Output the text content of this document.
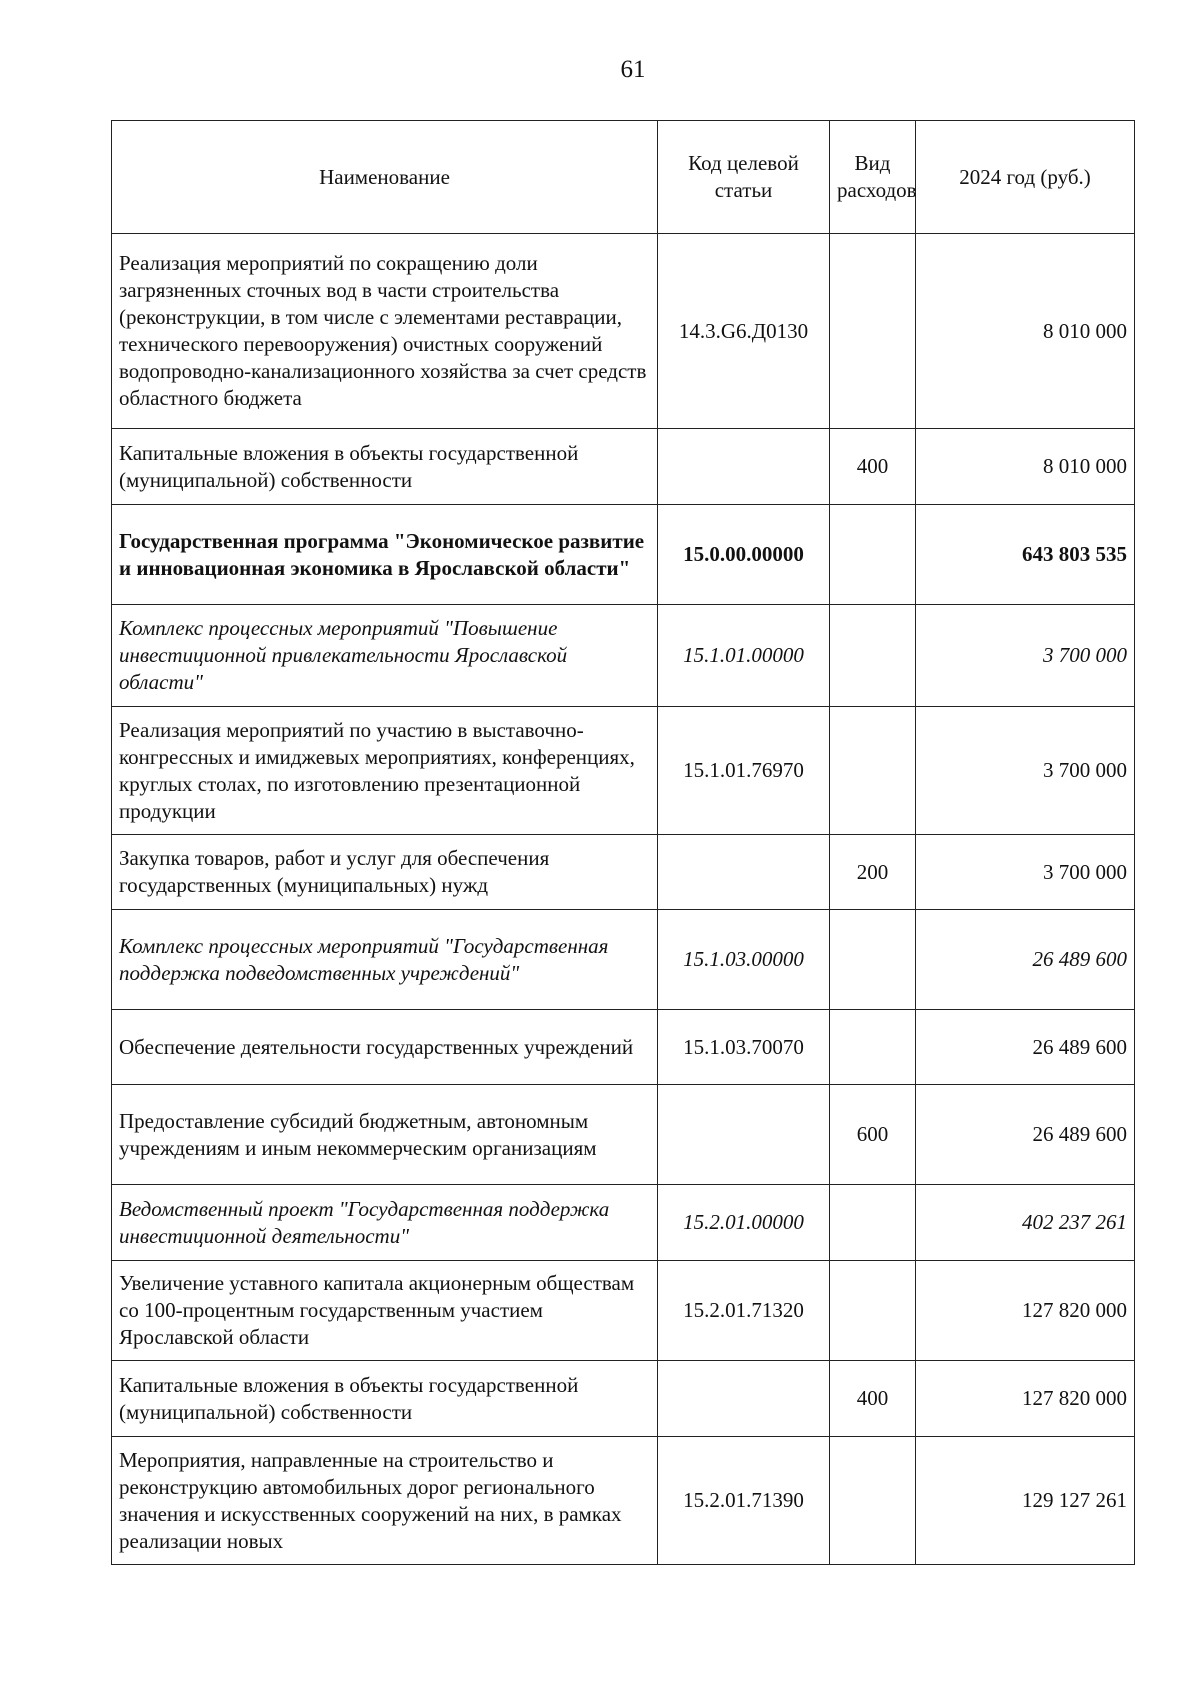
61
Наименование	Код целевой статьи	Вид расходов	2024 год (руб.)
Реализация мероприятий по сокращению доли загрязненных сточных вод в части строительства (реконструкции, в том числе с элементами реставрации, технического перевооружения) очистных сооружений водопроводно-канализационного хозяйства за счет средств областного бюджета	14.3.G6.Д0130		8 010 000
Капитальные вложения в объекты государственной (муниципальной) собственности		400	8 010 000
Государственная программа "Экономическое развитие и инновационная экономика в Ярославской области"	15.0.00.00000		643 803 535
Комплекс процессных мероприятий "Повышение инвестиционной привлекательности Ярославской области"	15.1.01.00000		3 700 000
Реализация мероприятий по участию в выставочно-конгрессных и имиджевых мероприятиях, конференциях, круглых столах, по изготовлению презентационной продукции	15.1.01.76970		3 700 000
Закупка товаров, работ и услуг для обеспечения государственных (муниципальных) нужд		200	3 700 000
Комплекс процессных мероприятий "Государственная поддержка подведомственных учреждений"	15.1.03.00000		26 489 600
Обеспечение деятельности государственных учреждений	15.1.03.70070		26 489 600
Предоставление субсидий бюджетным, автономным учреждениям и иным некоммерческим организациям		600	26 489 600
Ведомственный проект "Государственная поддержка инвестиционной деятельности"	15.2.01.00000		402 237 261
Увеличение уставного капитала акционерным обществам со 100-процентным государственным участием Ярославской области	15.2.01.71320		127 820 000
Капитальные вложения в объекты государственной (муниципальной) собственности		400	127 820 000
Мероприятия, направленные на строительство и реконструкцию автомобильных дорог регионального значения и искусственных сооружений на них, в рамках реализации новых	15.2.01.71390		129 127 261
